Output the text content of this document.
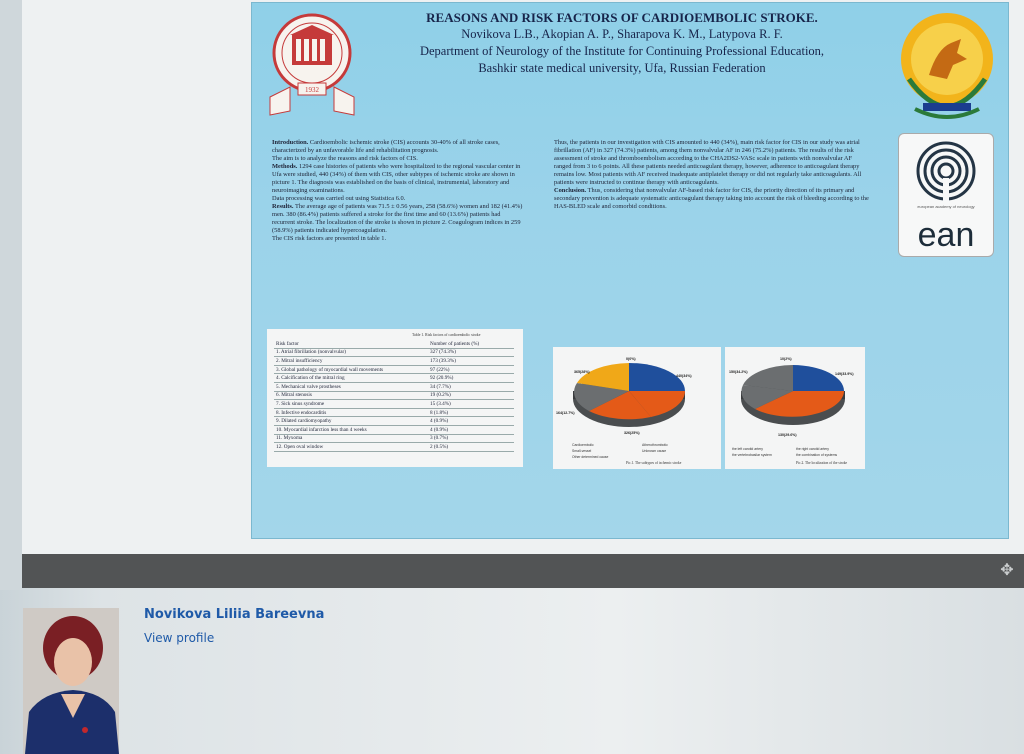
1932
REASONS AND RISK FACTORS OF CARDIOEMBOLIC STROKE.
Novikova L.B., Akopian A. P., Sharapova K. M., Latypova R. F.
Department of Neurology of the Institute for Continuing Professional Education,
Bashkir state medical university, Ufa, Russian Federation
european academy of neurology
ean
Introduction. Cardioembolic ischemic stroke (CIS) accounts 30-40% of all stroke cases, characterized by an unfavorable life and rehabilitation prognosis.
The aim is to analyze the reasons and risk factors of CIS.
Methods. 1294 case histories of patients who were hospitalized to the regional vascular center in Ufa were studied, 440 (34%) of them with CIS, other subtypes of ischemic stroke are shown in picture 1. The diagnosis was established on the basis of clinical, instrumental, laboratory and neuroimaging examinations.
Data processing was carried out using Statistica 6.0.
Results. The average age of patients was 71.5 ± 0.56 years, 258 (58.6%) women and 182 (41.4%) men. 380 (86.4%) patients suffered a stroke for the first time and 60 (13.6%) patients had recurrent stroke. The localization of the stroke is shown in picture 2. Coagulogram indices in 259 (58.9%) patients indicated hypercoagulation.
The CIS risk factors are presented in table 1.
Thus, the patients in our investigation with CIS amounted to 440 (34%), main risk factor for CIS in our study was atrial fibrillation (AF) in 327 (74.3%) patients, among them nonvalvular AF in 246 (75.2%) patients. The results of the risk assessment of stroke and thromboembolism according to the CHA2DS2-VASc scale in patients with nonvalvular AF ranged from 3 to 6 points. All these patients needed anticoagulant therapy, however, adherence to anticoagulant therapy remains low. Most patients with AF received inadequate antiplatelet therapy or did not regularly take anticoagulants. All patients were instructed to continue therapy with anticoagulants.
Conclusion. Thus, considering that nonvalvular AF-based risk factor for CIS, the priority direction of its primary and secondary prevention is adequate systematic anticoagulant therapy taking into account the risk of bleeding according to the HAS-BLED scale and comorbid conditions.
Table 1. Risk factors of cardioembolic stroke
Risk factor	Number of patients (%)
1. Atrial fibrillation (nonvalvular)	327 (74.3%)
2. Mitral insufficiency	173 (39.3%)
3. Global pathology of myocardial wall movements	97 (22%)
4. Calcification of the mitral ring	92 (20.9%)
5. Mechanical valve prostheses	34 (7.7%)
6. Mitral stenosis	19 (0.2%)
7. Sick sinus syndrome	15 (3.4%)
8. Infective endocarditis	8 (1.8%)
9. Dilated cardiomyopathy	4 (0.9%)
10. Myocardial infarction less than 4 weeks	4 (0.9%)
11. Myxoma	3 (0.7%)
12. Open oval window	2 (0.5%)
0(0%)
440(34%)
365(28%)
164(12.7%)
326(25%)
Cardioembolic	Atherothrombotic
Small-vessel	Unknown cause
Other determined cause
Pic.1. The subtypes of ischemic stroke
10(2%)
149(33.9%)
150(34.2%)
130(29.6%)
the left carotid artery	the right carotid artery
the vertebrobasilar system	the combination of systems
Pic.2. The localization of the stroke
✥
Novikova Liliia Bareevna
View profile
